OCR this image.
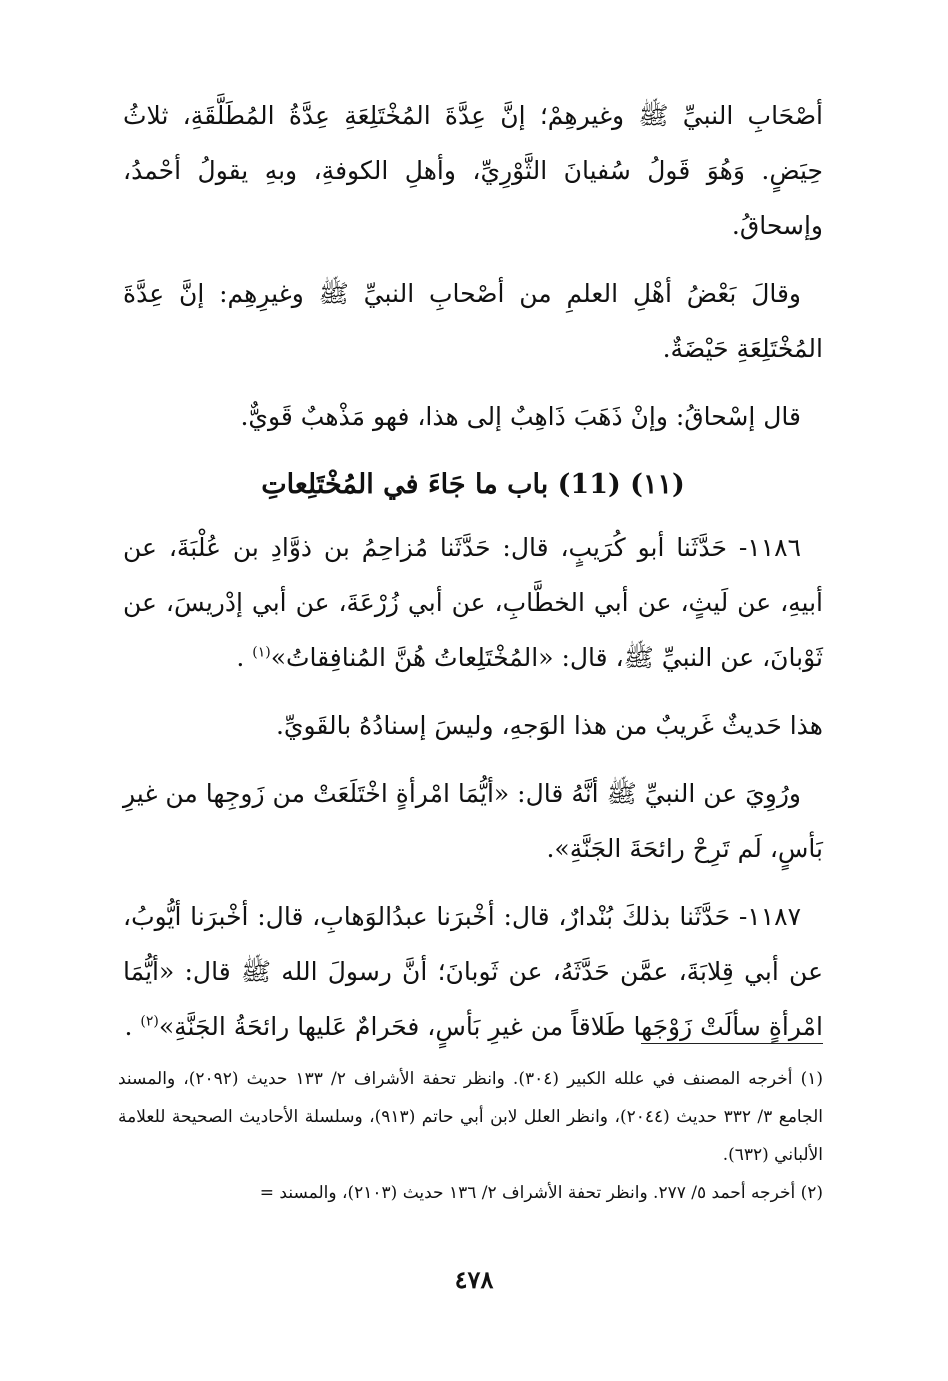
أصْحَابِ النبيِّ ﷺ وغيرهِمْ؛ إنَّ عِدَّةَ المُخْتَلِعَةِ عِدَّةُ المُطَلَّقَةِ، ثلاثُ حِيَضٍ. وَهُوَ قَولُ سُفيانَ الثَّوْرِيِّ، وأهلِ الكوفةِ، وبهِ يقولُ أحْمدُ، وإسحاقُ.

وقالَ بَعْضُ أهْلِ العلمِ من أصْحابِ النبيِّ ﷺ وغيرِهِم: إنَّ عِدَّةَ المُخْتَلِعَةِ حَيْضَةٌ.

قال إسْحاقُ: وإنْ ذَهَبَ ذَاهِبٌ إلى هذا، فهو مَذْهبٌ قَويٌّ.

(١١) (11) باب ما جَاءَ في المُخْتَلِعاتِ

١١٨٦- حَدَّثَنا أبو كُرَيبٍ، قال: حَدَّثَنا مُزاحِمُ بن ذوَّادِ بن عُلْبَةَ، عن أبيهِ، عن لَيثٍ، عن أبي الخطَّابِ، عن أبي زُرْعَةَ، عن أبي إدْريسَ، عن ثَوْبانَ، عن النبيِّ ﷺ، قال: «المُخْتَلِعاتُ هُنَّ المُنافِقاتُ»$^{(١)}$ .

هذا حَديثٌ غَريبٌ من هذا الوَجهِ، وليسَ إسنادُهُ بالقَويِّ.

ورُوِيَ عن النبيِّ ﷺ أنَّهُ قال: «أيُّمَا امْرأةٍ اخْتَلَعَتْ من زَوجِها من غيرِ بَأسٍ، لَم تَرِحْ رائحَةَ الجَنَّةِ».

١١٨٧- حَدَّثَنا بذلكَ بُنْدارٌ، قال: أخْبرَنا عبدُالوَهابِ، قال: أخْبرَنا أيُّوبُ، عن أبي قِلابَةَ، عمَّن حَدَّثَهُ، عن ثَوبانَ؛ أنَّ رسولَ الله ﷺ قال: «أيُّمَا امْرأةٍ سألَتْ زَوْجَها طَلاقاً من غيرِ بَأسٍ، فحَرامٌ عَليها رائحَةُ الجَنَّةِ»$^{(٢)}$ .

(١) أخرجه المصنف في علله الكبير (٣٠٤). وانظر تحفة الأشراف ٢/ ١٣٣ حديث (٢٠٩٢)، والمسند الجامع ٣/ ٣٣٢ حديث (٢٠٤٤)، وانظر العلل لابن أبي حاتم (٩١٣)، وسلسلة الأحاديث الصحيحة للعلامة الألباني (٦٣٢).

(٢) أخرجه أحمد ٥/ ٢٧٧. وانظر تحفة الأشراف ٢/ ١٣٦ حديث (٢١٠٣)، والمسند =

٤٧٨
